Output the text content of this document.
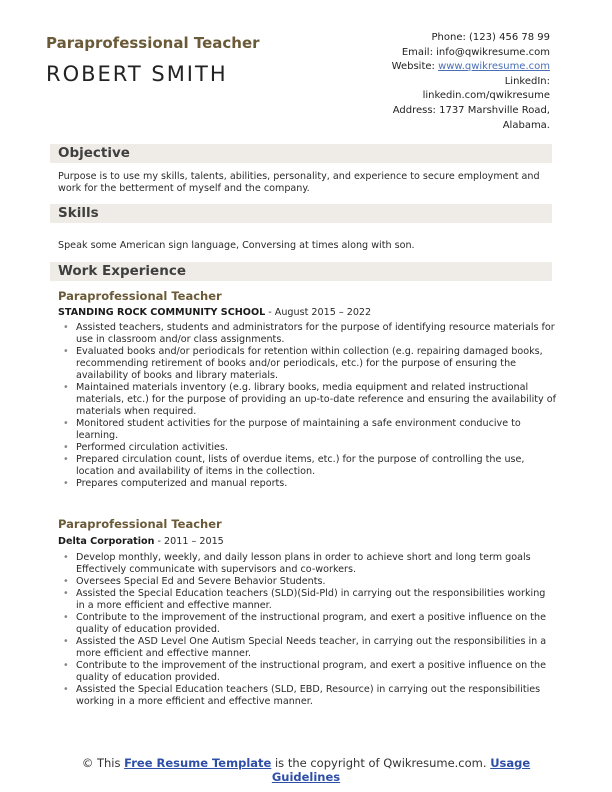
Paraprofessional Teacher
ROBERT SMITH
Phone: (123) 456 78 99
Email: info@qwikresume.com
Website: www.qwikresume.com
LinkedIn:
linkedin.com/qwikresume
Address: 1737 Marshville Road,
Alabama.
Objective
Purpose is to use my skills, talents, abilities, personality, and experience to secure employment and work for the betterment of myself and the company.
Skills
Speak some American sign language, Conversing at times along with son.
Work Experience
Paraprofessional Teacher
STANDING ROCK COMMUNITY SCHOOL - August 2015 – 2022
• Assisted teachers, students and administrators for the purpose of identifying resource materials for use in classroom and/or class assignments.
• Evaluated books and/or periodicals for retention within collection (e.g. repairing damaged books, recommending retirement of books and/or periodicals, etc.) for the purpose of ensuring the availability of books and library materials.
• Maintained materials inventory (e.g. library books, media equipment and related instructional materials, etc.) for the purpose of providing an up-to-date reference and ensuring the availability of materials when required.
• Monitored student activities for the purpose of maintaining a safe environment conducive to learning.
• Performed circulation activities.
• Prepared circulation count, lists of overdue items, etc.) for the purpose of controlling the use, location and availability of items in the collection.
• Prepares computerized and manual reports.
Paraprofessional Teacher
Delta Corporation - 2011 – 2015
• Develop monthly, weekly, and daily lesson plans in order to achieve short and long term goals Effectively communicate with supervisors and co-workers.
• Oversees Special Ed and Severe Behavior Students.
• Assisted the Special Education teachers (SLD)(Sid-Pld) in carrying out the responsibilities working in a more efficient and effective manner.
• Contribute to the improvement of the instructional program, and exert a positive influence on the quality of education provided.
• Assisted the ASD Level One Autism Special Needs teacher, in carrying out the responsibilities in a more efficient and effective manner.
• Contribute to the improvement of the instructional program, and exert a positive influence on the quality of education provided.
• Assisted the Special Education teachers (SLD, EBD, Resource) in carrying out the responsibilities working in a more efficient and effective manner.
© This Free Resume Template is the copyright of Qwikresume.com. Usage Guidelines
